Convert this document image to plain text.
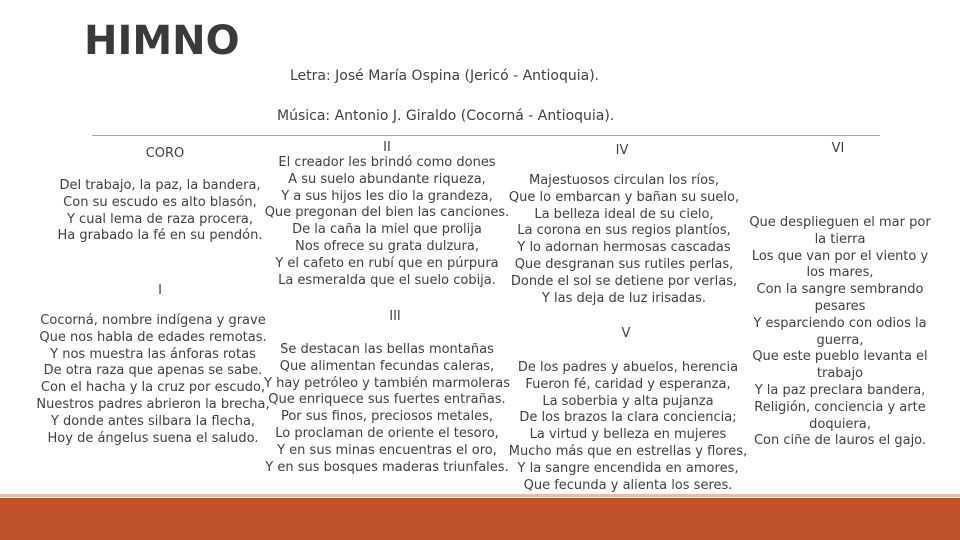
HIMNO
Letra: José María Ospina (Jericó - Antioquia).
Música: Antonio J. Giraldo (Cocorná - Antioquia).
CORO
Del trabajo, la paz, la bandera,
Con su escudo es alto blasón,
Y cual lema de raza procera,
Ha grabado la fé en su pendón.
I
Cocorná, nombre indígena y grave
Que nos habla de edades remotas.
Y nos muestra las ánforas rotas
De otra raza que apenas se sabe.
Con el hacha y la cruz por escudo,
Nuestros padres abrieron la brecha,
Y donde antes silbara la flecha,
Hoy de ángelus suena el saludo.
II
El creador les brindó como dones
A su suelo abundante riqueza,
Y a sus hijos les dio la grandeza,
Que pregonan del bien las canciones.
De la caña la miel que prolija
Nos ofrece su grata dulzura,
Y el cafeto en rubí que en púrpura
La esmeralda que el suelo cobija.
III
Se destacan las bellas montañas
Que alimentan fecundas caleras,
Y hay petróleo y también marmoleras
Que enriquece sus fuertes entrañas.
Por sus finos, preciosos metales,
Lo proclaman de oriente el tesoro,
Y en sus minas encuentras el oro,
Y en sus bosques maderas triunfales.
IV
Majestuosos circulan los ríos,
Que lo embarcan y bañan su suelo,
La belleza ideal de su cielo,
La corona en sus regios plantíos,
Y lo adornan hermosas cascadas
Que desgranan sus rutiles perlas,
Donde el sol se detiene por verlas,
Y las deja de luz irisadas.
V
De los padres y abuelos, herencia
Fueron fé, caridad y esperanza,
La soberbia y alta pujanza
De los brazos la clara conciencia;
La virtud y belleza en mujeres
Mucho más que en estrellas y flores,
Y la sangre encendida en amores,
Que fecunda y alienta los seres.
VI
Que desplieguen el mar por la tierra
Los que van por el viento y los mares,
Con la sangre sembrando pesares
Y esparciendo con odios la guerra,
Que este pueblo levanta el trabajo
Y la paz preclara bandera,
Religión, conciencia y arte doquiera,
Con ciñe de lauros el gajo.
